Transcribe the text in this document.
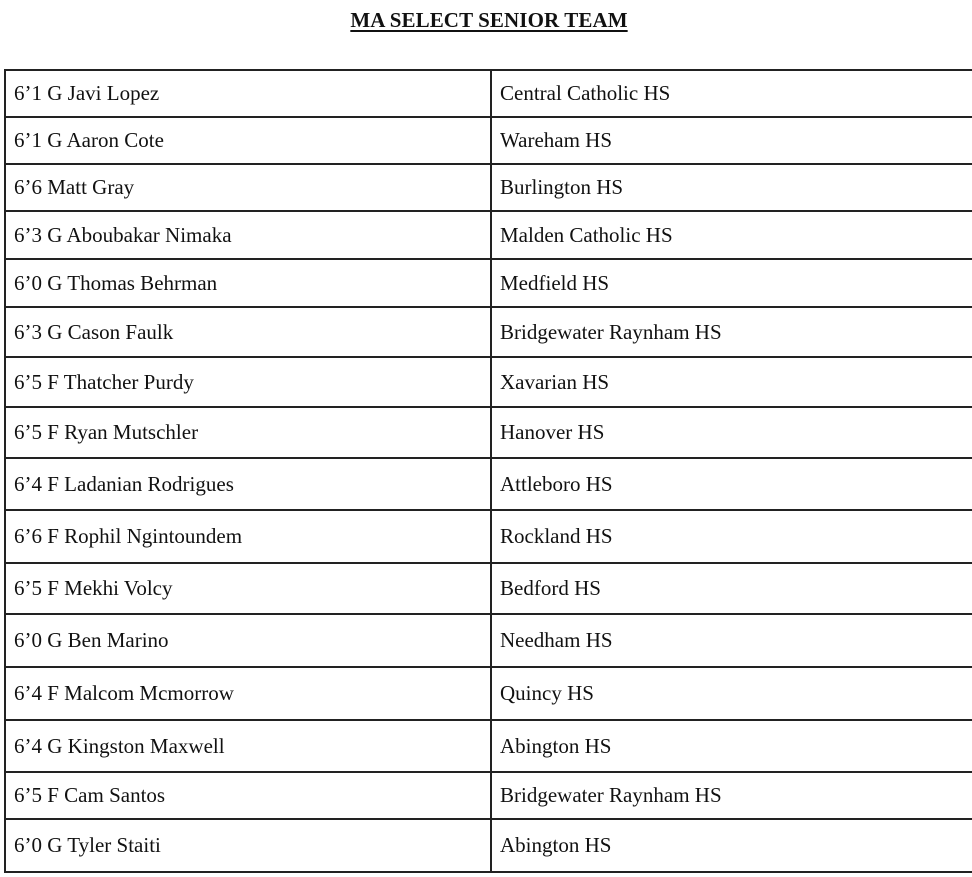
MA SELECT SENIOR TEAM
6’1 G Javi Lopez	Central Catholic HS
6’1 G Aaron Cote	Wareham HS
6’6 Matt Gray	Burlington HS
6’3 G Aboubakar Nimaka	Malden Catholic HS
6’0 G Thomas Behrman	Medfield HS
6’3 G Cason Faulk	Bridgewater Raynham HS
6’5 F Thatcher Purdy	Xavarian HS
6’5 F Ryan Mutschler	Hanover HS
6’4 F Ladanian Rodrigues	Attleboro HS
6’6 F Rophil Ngintoundem	Rockland HS
6’5 F Mekhi Volcy	Bedford HS
6’0 G Ben Marino	Needham HS
6’4 F Malcom Mcmorrow	Quincy HS
6’4 G Kingston Maxwell	Abington HS
6’5 F Cam Santos	Bridgewater Raynham HS
6’0 G Tyler Staiti	Abington HS
